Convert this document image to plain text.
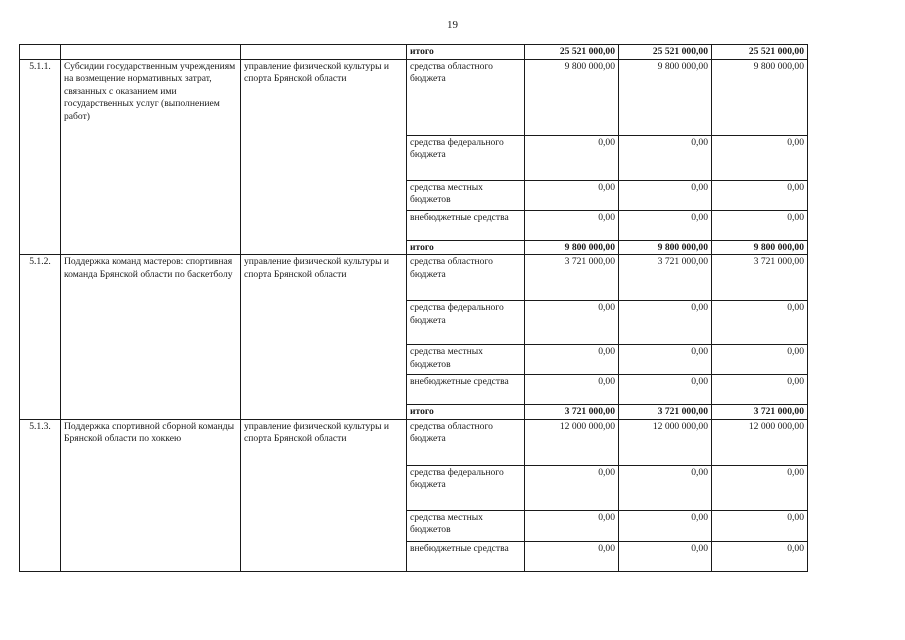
19
			итого	25 521 000,00	25 521 000,00	25 521 000,00
5.1.1.	Субсидии государственным учреждениям на возмещение нормативных затрат, связанных с оказанием ими государственных услуг (выполнением работ)	управление физической культуры и спорта Брянской области	средства областного бюджета	9 800 000,00	9 800 000,00	9 800 000,00
			средства федерального бюджета	0,00	0,00	0,00
			средства местных бюджетов	0,00	0,00	0,00
			внебюджетные средства	0,00	0,00	0,00
			итого	9 800 000,00	9 800 000,00	9 800 000,00
5.1.2.	Поддержка команд мастеров: спортивная команда Брянской области по баскетболу	управление физической культуры и спорта Брянской области	средства областного бюджета	3 721 000,00	3 721 000,00	3 721 000,00
			средства федерального бюджета	0,00	0,00	0,00
			средства местных бюджетов	0,00	0,00	0,00
			внебюджетные средства	0,00	0,00	0,00
			итого	3 721 000,00	3 721 000,00	3 721 000,00
5.1.3.	Поддержка спортивной сборной команды Брянской области по хоккею	управление физической культуры и спорта Брянской области	средства областного бюджета	12 000 000,00	12 000 000,00	12 000 000,00
			средства федерального бюджета	0,00	0,00	0,00
			средства местных бюджетов	0,00	0,00	0,00
			внебюджетные средства	0,00	0,00	0,00
